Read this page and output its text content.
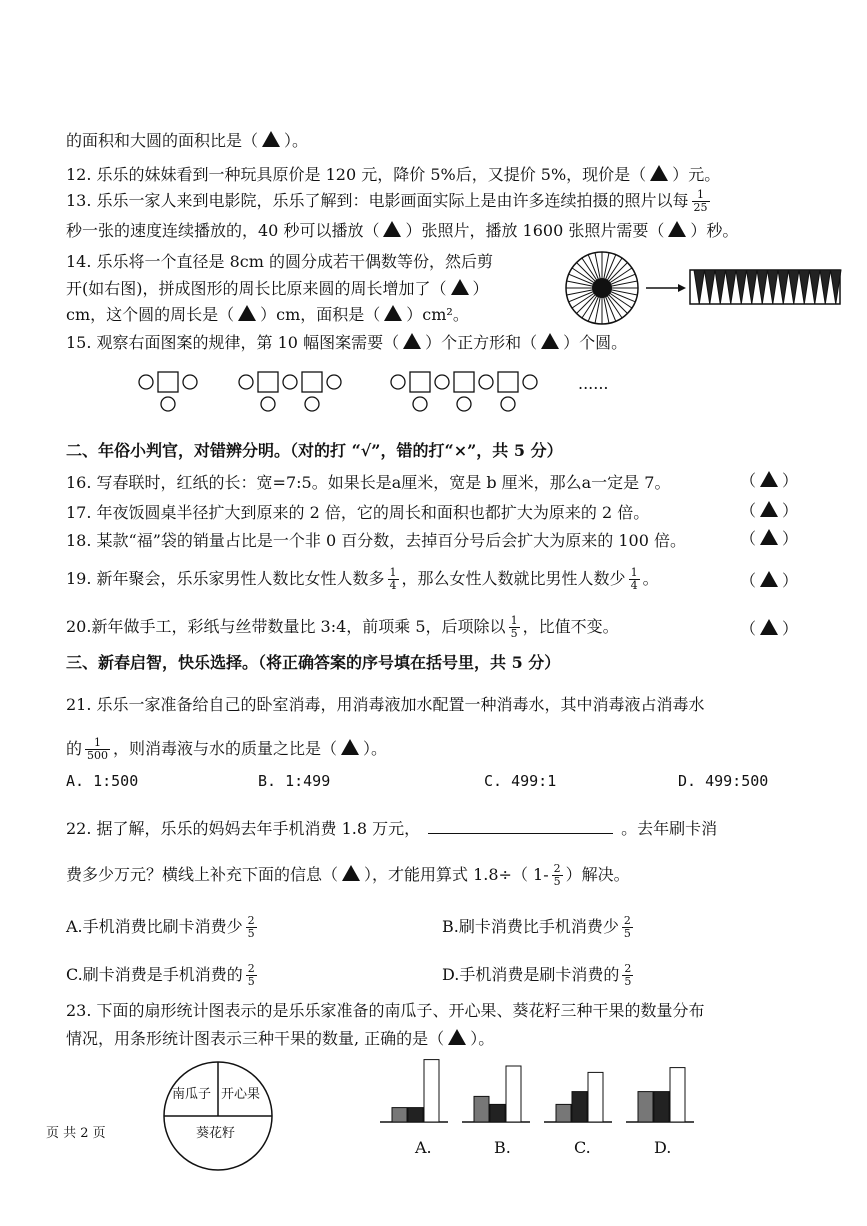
的面积和大圆的面积比是（ ）。
12. 乐乐的妹妹看到一种玩具原价是 120 元，降价 5%后，又提价 5%，现价是（ ）元。
13. 乐乐一家人来到电影院，乐乐了解到：电影画面实际上是由许多连续拍摄的照片以每 $\frac{1}{25}$
秒一张的速度连续播放的，40 秒可以播放（ ）张照片，播放 1600 张照片需要（ ）秒。
14. 乐乐将一个直径是 8cm 的圆分成若干偶数等份，然后剪
开(如右图)，拼成图形的周长比原来圆的周长增加了（ ）
cm，这个圆的周长是（ ）cm，面积是（ ）cm²。
15. 观察右面图案的规律，第 10 幅图案需要（ ）个正方形和（ ）个圆。
......
二、年俗小判官，对错辨分明。（对的打 “√”，错的打“×”，共 5 分）
16. 写春联时，红纸的长：宽=7:5。如果长是a厘米，宽是 b 厘米，那么a一定是 7。	（ ）
17. 年夜饭圆桌半径扩大到原来的 2 倍，它的周长和面积也都扩大为原来的 2 倍。	（ ）
18. 某款“福”袋的销量占比是一个非 0 百分数，去掉百分号后会扩大为原来的 100 倍。	（ ）
19. 新年聚会，乐乐家男性人数比女性人数多 $\frac{1}{4}$ ，那么女性人数就比男性人数少 $\frac{1}{4}$ 。	（ ）
20.新年做手工，彩纸与丝带数量比 3:4，前项乘 5，后项除以 $\frac{1}{5}$ ，比值不变。	（ ）
三、新春启智，快乐选择。（将正确答案的序号填在括号里，共 5 分）
21. 乐乐一家准备给自己的卧室消毒，用消毒液加水配置一种消毒水，其中消毒液占消毒水
的 $\frac{1}{500}$ ，则消毒液与水的质量之比是（ ）。
A. 1:500	B. 1:499	C. 499:1	D. 499:500
22. 据了解，乐乐的妈妈去年手机消费 1.8 万元，	。去年刷卡消
费多少万元？横线上补充下面的信息（ ），才能用算式 1.8÷（ $1- \frac{2}{5}$ ）解决。
A.手机消费比刷卡消费少 $\frac{2}{5}$	B.刷卡消费比手机消费少 $\frac{2}{5}$
C.刷卡消费是手机消费的 $\frac{2}{5}$	D.手机消费是刷卡消费的 $\frac{2}{5}$
23. 下面的扇形统计图表示的是乐乐家准备的南瓜子、开心果、葵花籽三种干果的数量分布
情况，用条形统计图表示三种干果的数量, 正确的是（ ）。
南瓜子 开心果
葵花籽
A.	B.	C.	D.
页 共 2 页
